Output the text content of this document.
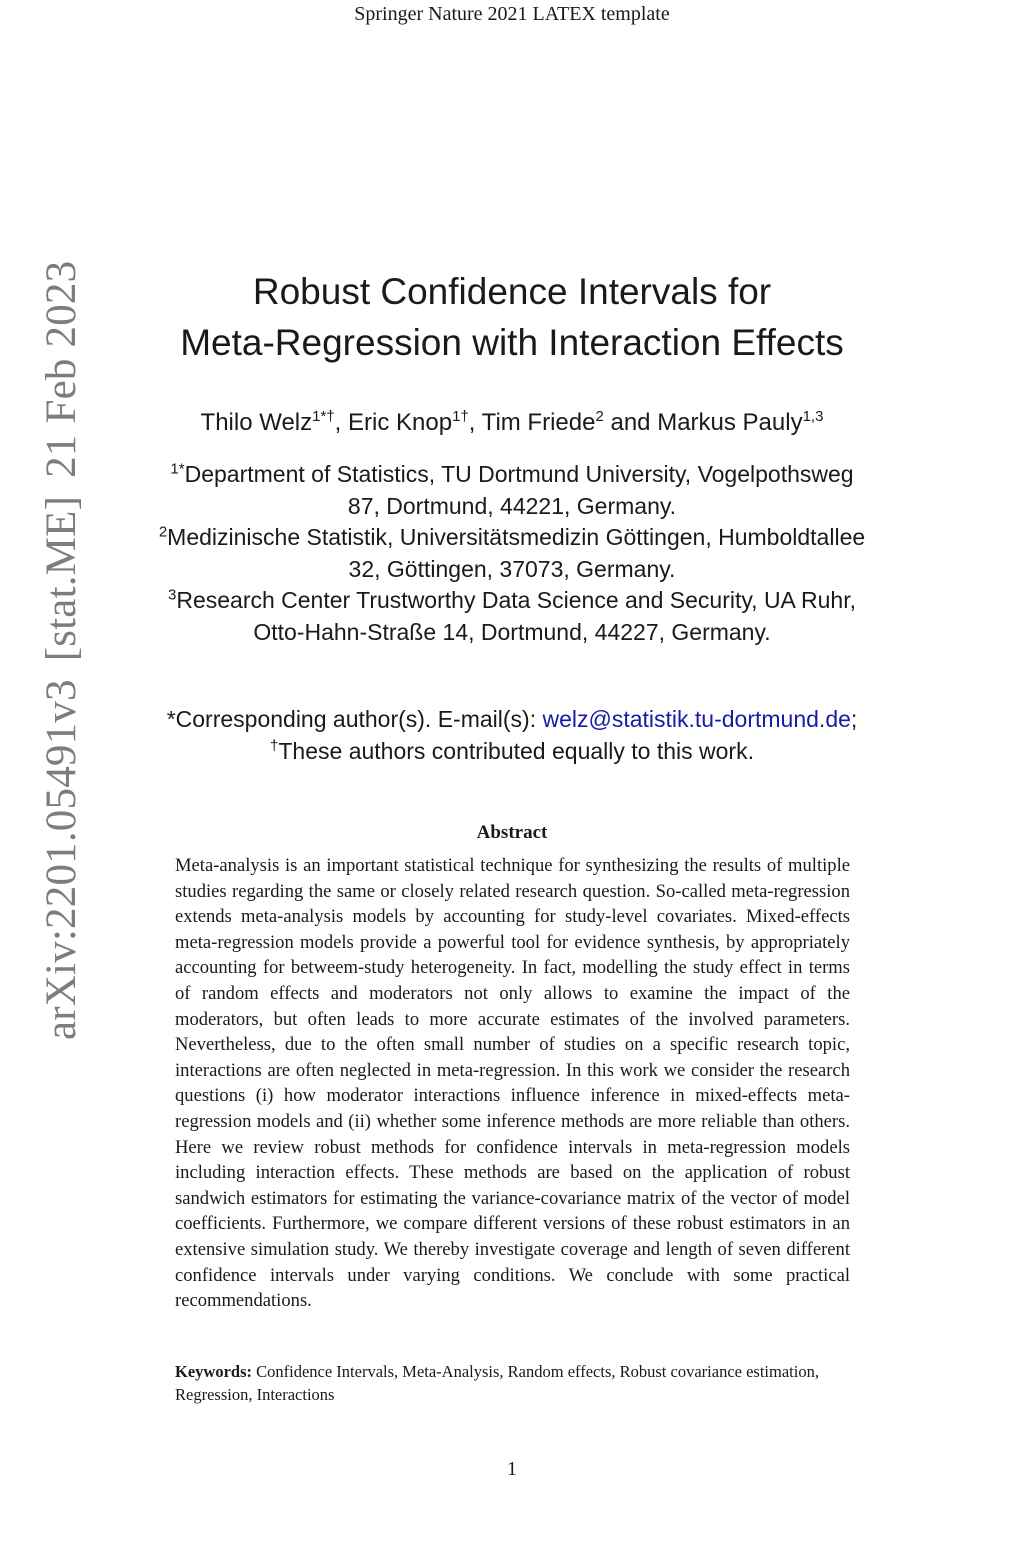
Springer Nature 2021 LATEX template
arXiv:2201.05491v3[stat.ME]21 Feb 2023	Robust Confidence Intervals for
Meta-Regression with Interaction Effects
Thilo Welz$^{1*\dagger}$, Eric Knop$^{1\dagger}$, Tim Friede$^2$ and Markus Pauly$^{1,3}$
$^{1*}$Department of Statistics, TU Dortmund University, Vogelpothsweg
87, Dortmund, 44221, Germany.
$^2$Medizinische Statistik, Universitätsmedizin Göttingen, Humboldtallee
32, Göttingen, 37073, Germany.
$^3$Research Center Trustworthy Data Science and Security, UA Ruhr,
Otto-Hahn-Straße 14, Dortmund, 44227, Germany.
*Corresponding author(s). E-mail(s): welz@statistik.tu-dortmund.de;
†These authors contributed equally to this work.
Abstract
Meta-analysis is an important statistical technique for synthesizing the results of multiple studies regarding the same or closely related research question. So-called meta-regression extends meta-analysis models by accounting for study-level covariates. Mixed-effects meta-regression models provide a powerful tool for evidence synthesis, by appropriately accounting for betweem-study heterogeneity. In fact, modelling the study effect in terms of random effects and moderators not only allows to examine the impact of the moderators, but often leads to more accurate estimates of the involved parameters. Nevertheless, due to the often small number of studies on a specific research topic, interactions are often neglected in meta-regression. In this work we consider the research questions (i) how moderator interactions influence inference in mixed-effects meta-regression models and (ii) whether some inference methods are more reliable than others. Here we review robust methods for confidence intervals in meta-regression models including interaction effects. These methods are based on the application of robust sandwich estimators for estimating the variance-covariance matrix of the vector of model coefficients. Furthermore, we compare different versions of these robust estimators in an extensive simulation study. We thereby investigate coverage and length of seven different confidence intervals under varying conditions. We conclude with some practical recommendations.
Keywords: Confidence Intervals, Meta-Analysis, Random effects, Robust covariance estimation, Regression, Interactions
1
